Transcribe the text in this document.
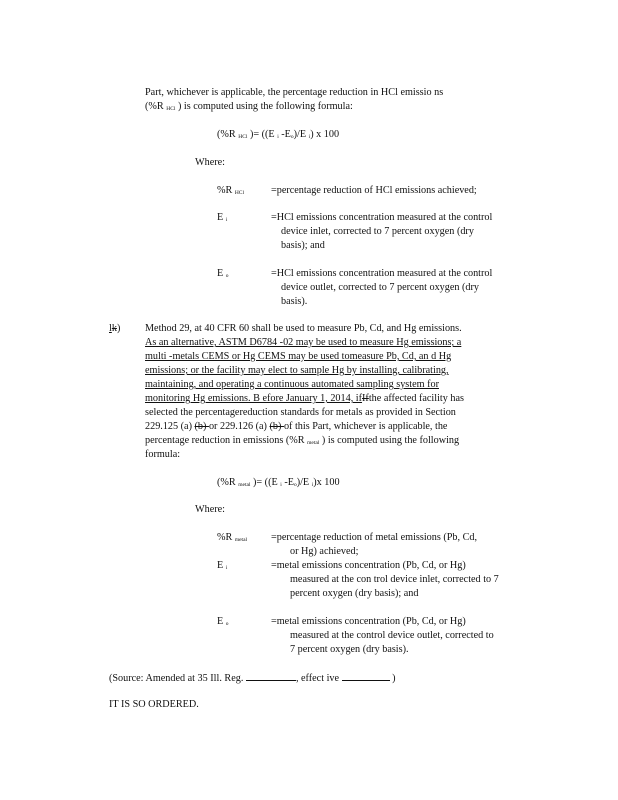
Part, whichever is applicable, the percentage reduction in HCl emissio ns
(%R HCl ) is computed using the following formula:
(%R HCl )= ((E i -Eo)/E i) x 100
Where:
%R HCl	=percentage reduction of HCl emissions achieved;
E i	=HCl emissions concentration measured at the control
device inlet, corrected to 7 percent oxygen (dry
basis); and
E o	=HCl emissions concentration measured at the control
device outlet, corrected to 7 percent oxygen (dry
basis).
lk) Method 29, at 40 CFR 60 shall be used to measure Pb, Cd, and Hg emissions.
As an alternative, ASTM D6784 -02 may be used to measure Hg emissions; a
multi -metals CEMS or Hg CEMS may be used tomeasure Pb, Cd, an d Hg
emissions; or the facility may elect to sample Hg by installing, calibrating,
maintaining, and operating a continuous automated sampling system for
monitoring Hg emissions. B efore January 1, 2014, ifIfthe affected facility has
selected the percentagereduction standards for metals as provided in Section
229.125 (a) (b) or 229.126 (a) (b) of this Part, whichever is applicable, the
percentage reduction in emissions (%R metal ) is computed using the following
formula:
(%R metal )= ((E i -Eo)/E i)x 100
Where:
%R metal =percentage reduction of metal emissions (Pb, Cd,
or Hg) achieved;
E i	=metal emissions concentration (Pb, Cd, or Hg)
measured at the con trol device inlet, corrected to 7
percent oxygen (dry basis); and
E o	=metal emissions concentration (Pb, Cd, or Hg)
measured at the control device outlet, corrected to
7 percent oxygen (dry basis).
(Source: Amended at 35 Ill. Reg.	, effect ive	)
IT IS SO ORDERED.
